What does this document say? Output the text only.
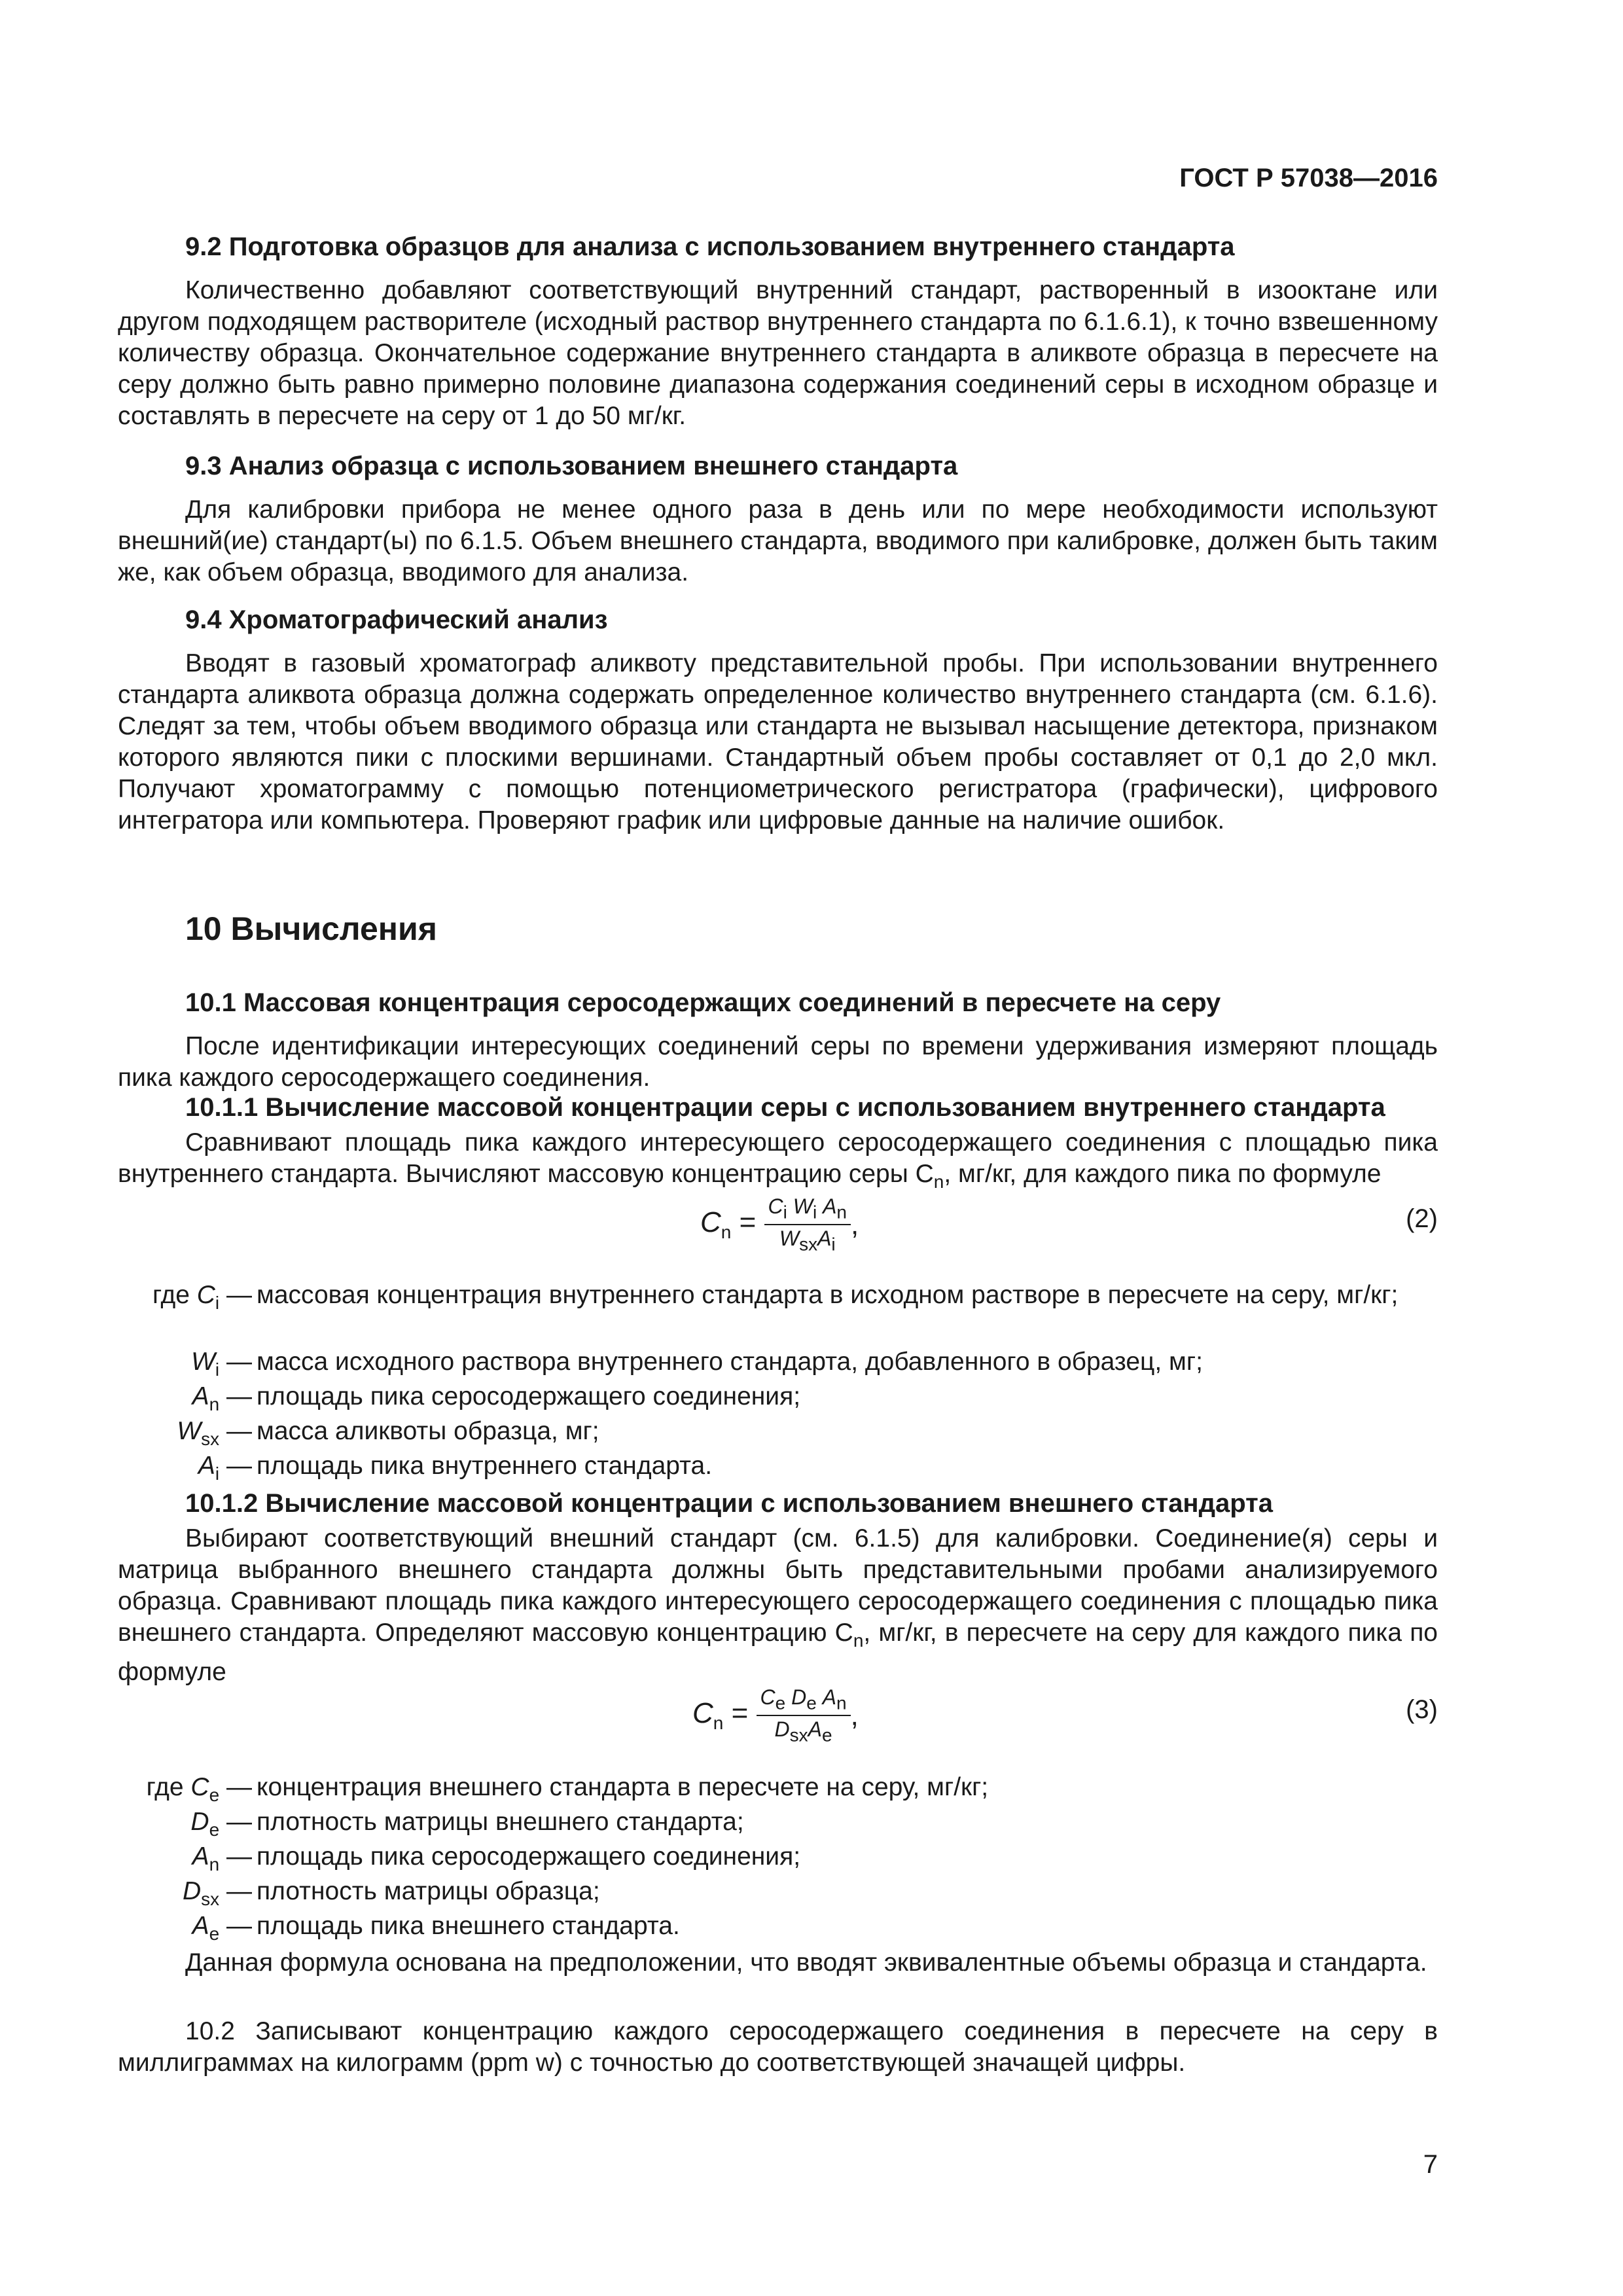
ГОСТ Р 57038—2016
9.2 Подготовка образцов для анализа с использованием внутреннего стандарта

Количественно добавляют соответствующий внутренний стандарт, растворенный в изооктане или другом подходящем растворителе (исходный раствор внутреннего стандарта по 6.1.6.1), к точно взвешенному количеству образца. Окончательное содержание внутреннего стандарта в аликвоте образца в пересчете на серу должно быть равно примерно половине диапазона содержания соединений серы в исходном образце и составлять в пересчете на серу от 1 до 50 мг/кг.

9.3 Анализ образца с использованием внешнего стандарта

Для калибровки прибора не менее одного раза в день или по мере необходимости используют внешний(ие) стандарт(ы) по 6.1.5. Объем внешнего стандарта, вводимого при калибровке, должен быть таким же, как объем образца, вводимого для анализа.

9.4 Хроматографический анализ

Вводят в газовый хроматограф аликвоту представительной пробы. При использовании внутреннего стандарта аликвота образца должна содержать определенное количество внутреннего стандарта (см. 6.1.6). Следят за тем, чтобы объем вводимого образца или стандарта не вызывал насыщение детектора, признаком которого являются пики с плоскими вершинами. Стандартный объем пробы составляет от 0,1 до 2,0 мкл. Получают хроматограмму с помощью потенциометрического регистратора (графически), цифрового интегратора или компьютера. Проверяют график или цифровые данные на наличие ошибок.

10 Вычисления
10.1 Массовая концентрация серосодержащих соединений в пересчете на серу

После идентификации интересующих соединений серы по времени удерживания измеряют площадь пика каждого серосодержащего соединения.

10.1.1 Вычисление массовой концентрации серы с использованием внутреннего стандарта

Сравнивают площадь пика каждого интересующего серосодержащего соединения с площадью пика внутреннего стандарта. Вычисляют массовую концентрацию серы $C_n$, мг/кг, для каждого пика по формуле

$C_n = \frac{C_i W_i A_n}{W_{sx}A_i}$ ,	(2)
где $C_i$ — массовая концентрация внутреннего стандарта в исходном растворе в пересчете на серу, мг/кг;
$W_i$ — масса исходного раствора внутреннего стандарта, добавленного в образец, мг;
$A_n$ — площадь пика серосодержащего соединения;
$W_{sx}$ — масса аликвоты образца, мг;
$A_i$ — площадь пика внутреннего стандарта.
10.1.2 Вычисление массовой концентрации с использованием внешнего стандарта

Выбирают соответствующий внешний стандарт (см. 6.1.5) для калибровки. Соединение(я) серы и матрица выбранного внешнего стандарта должны быть представительными пробами анализируемого образца. Сравнивают площадь пика каждого интересующего серосодержащего соединения с площадью пика внешнего стандарта. Определяют массовую концентрацию $C_n$, мг/кг, в пересчете на серу для каждого пика по формуле

$C_n = \frac{C_e D_e A_n}{D_{sx}A_e}$ ,	(3)
где $C_e$ — концентрация внешнего стандарта в пересчете на серу, мг/кг;
$D_e$ — плотность матрицы внешнего стандарта;
$A_n$ — площадь пика серосодержащего соединения;
$D_{sx}$ — плотность матрицы образца;
$A_e$ — площадь пика внешнего стандарта.

Данная формула основана на предположении, что вводят эквивалентные объемы образца и стандарта.

10.2 Записывают концентрацию каждого серосодержащего соединения в пересчете на серу в миллиграммах на килограмм (ppm w) с точностью до соответствующей значащей цифры.

7
